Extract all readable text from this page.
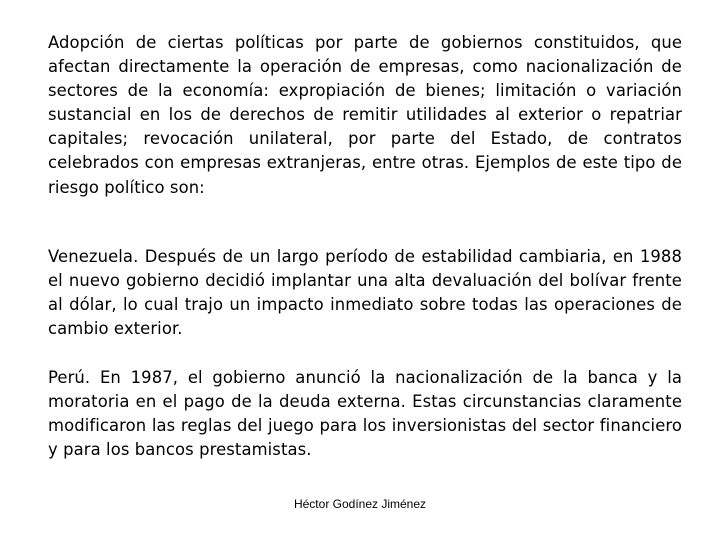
Adopción de ciertas políticas por parte de gobiernos constituidos, que afectan directamente la operación de empresas, como nacionalización de sectores de la economía: expropiación de bienes; limitación o variación sustancial en los de derechos de remitir utilidades al exterior o repatriar capitales; revocación unilateral, por parte del Estado, de contratos celebrados con empresas extranjeras, entre otras. Ejemplos de este tipo de riesgo político son:

Venezuela. Después de un largo período de estabilidad cambiaria, en 1988 el nuevo gobierno decidió implantar una alta devaluación del bolívar frente al dólar, lo cual trajo un impacto inmediato sobre todas las operaciones de cambio exterior.

Perú. En 1987, el gobierno anunció la nacionalización de la banca y la moratoria en el pago de la deuda externa. Estas circunstancias claramente modificaron las reglas del juego para los inversionistas del sector financiero y para los bancos prestamistas.

Héctor Godínez Jiménez
